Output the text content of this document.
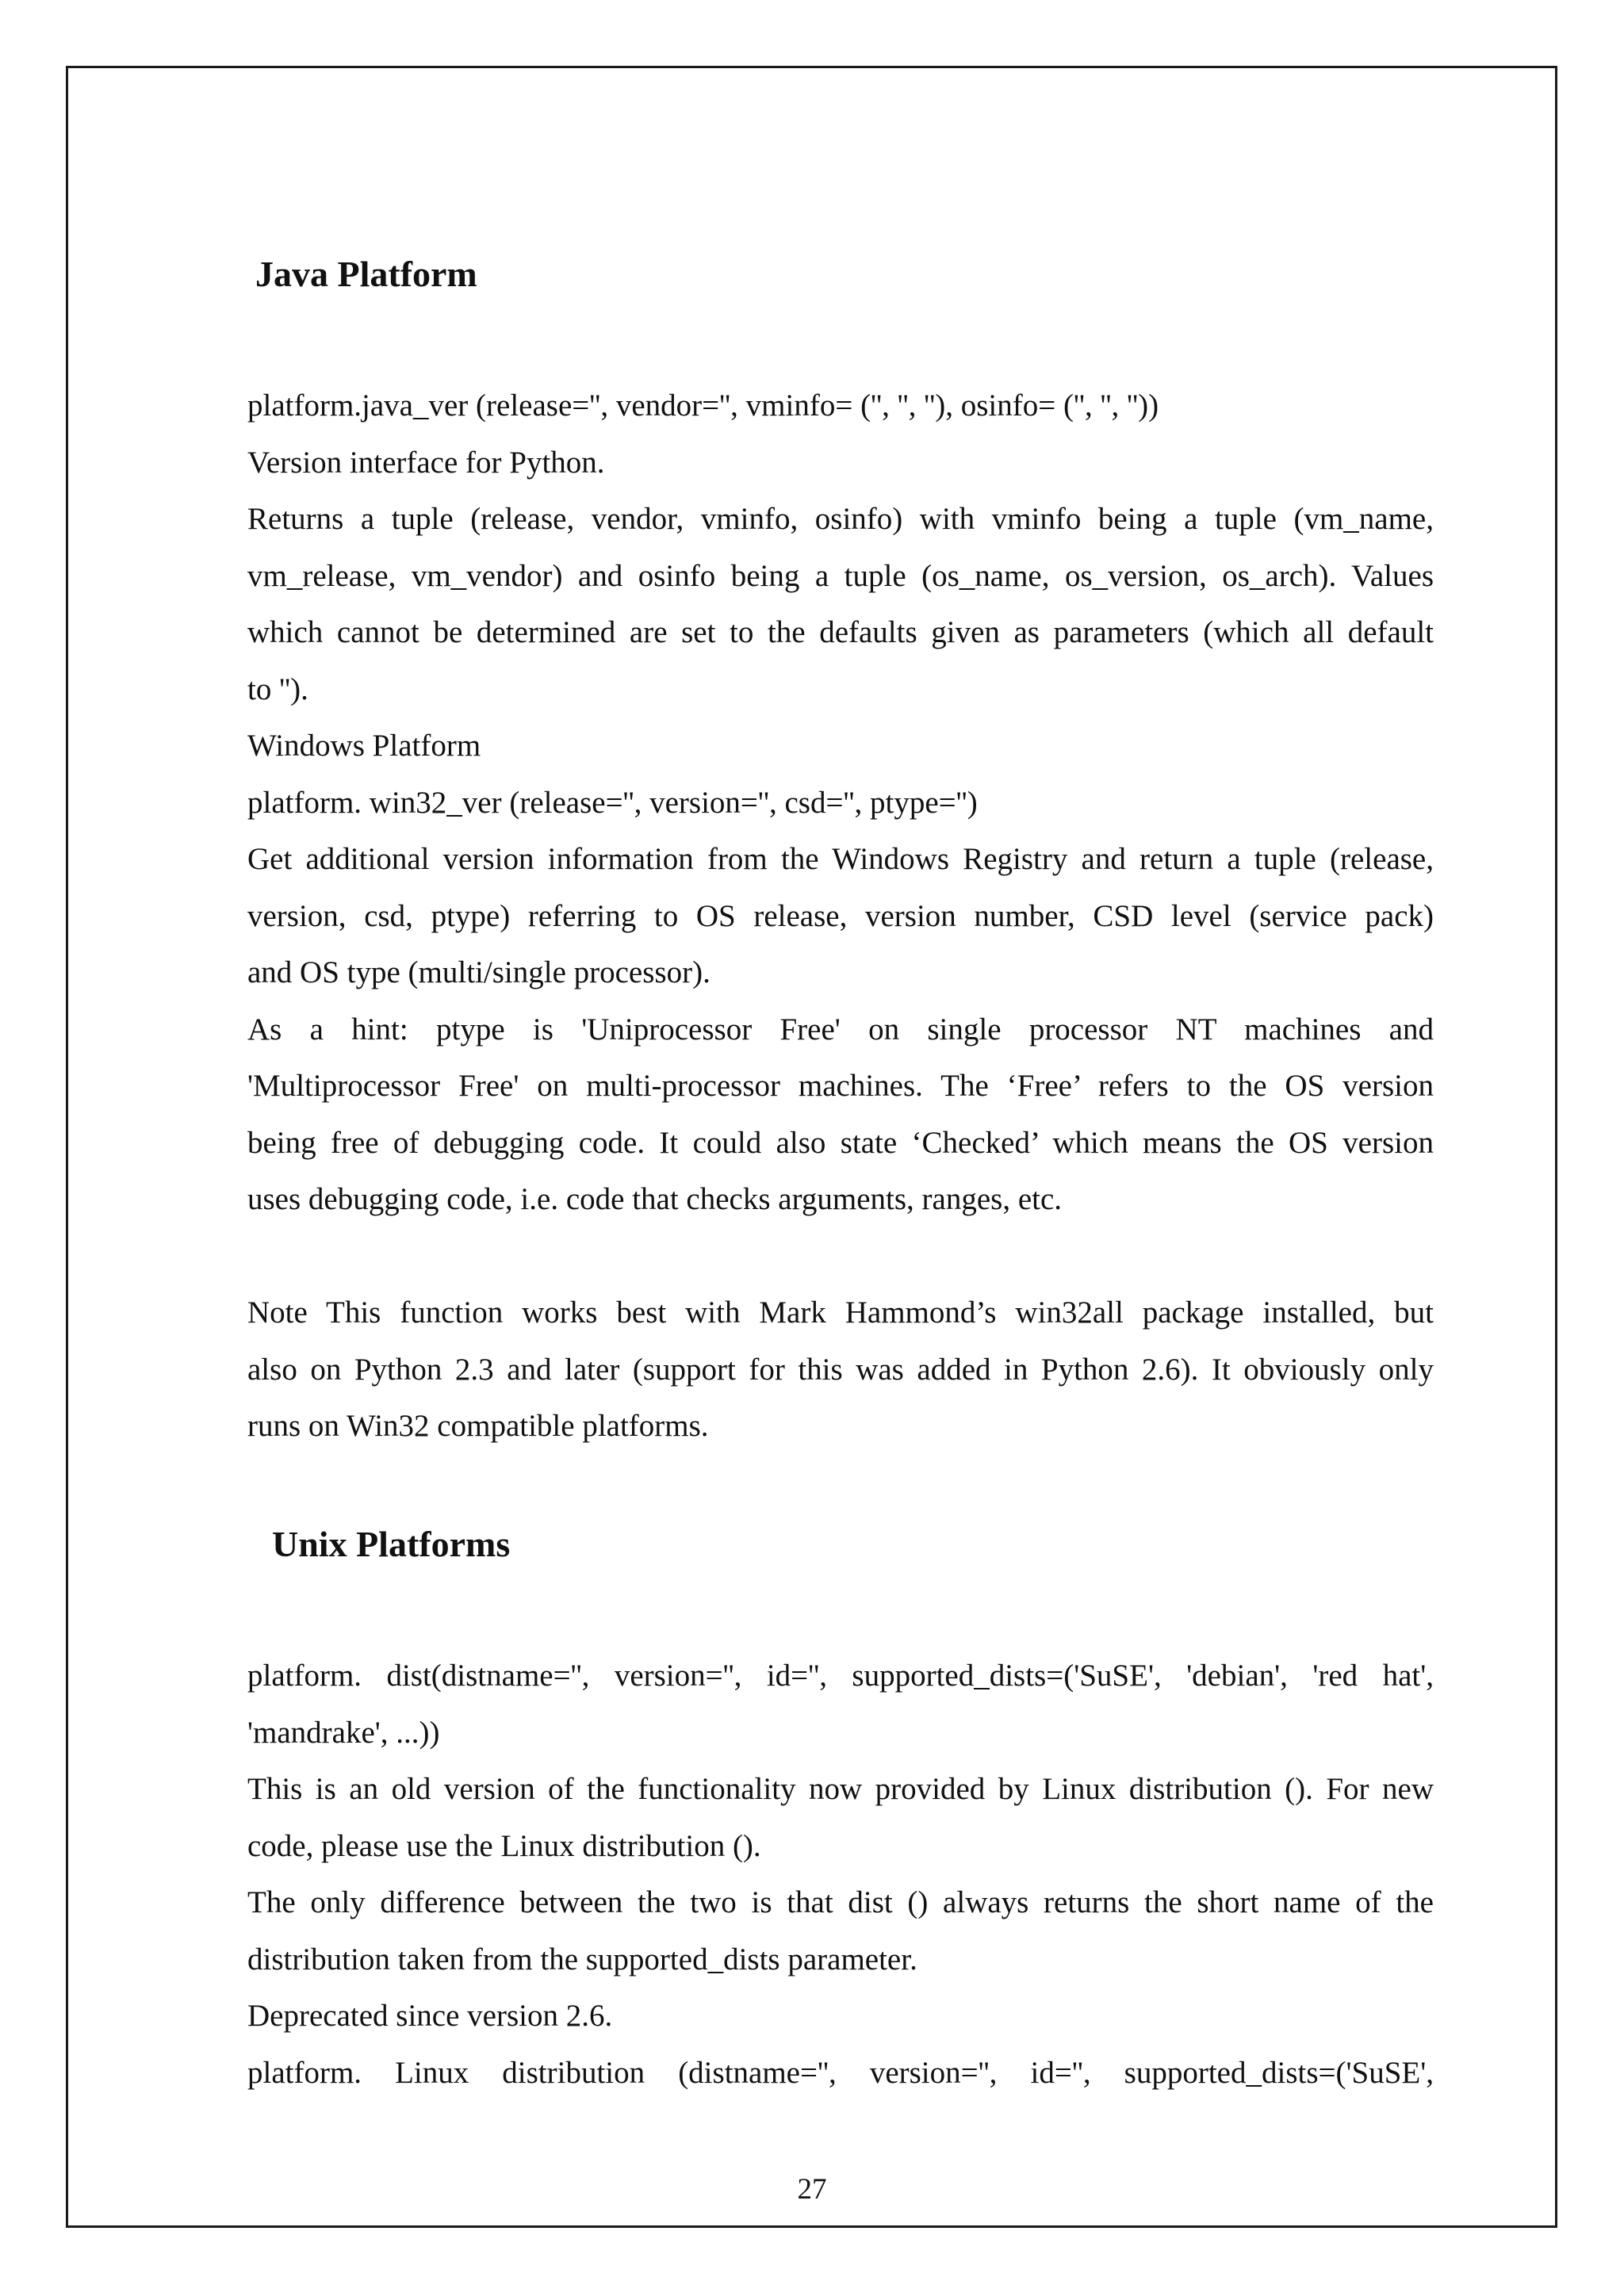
Java Platform
platform.java_ver (release='', vendor='', vminfo= ('', '', ''), osinfo= ('', '', ''))
Version interface for Python.
Returns a tuple (release, vendor, vminfo, osinfo) with vminfo being a tuple (vm_name,
vm_release, vm_vendor) and osinfo being a tuple (os_name, os_version, os_arch). Values
which cannot be determined are set to the defaults given as parameters (which all default
to '').
Windows Platform
platform. win32_ver (release='', version='', csd='', ptype='')
Get additional version information from the Windows Registry and return a tuple (release,
version, csd, ptype) referring to OS release, version number, CSD level (service pack)
and OS type (multi/single processor).
As a hint: ptype is 'Uniprocessor Free' on single processor NT machines and
'Multiprocessor Free' on multi-processor machines. The ‘Free’ refers to the OS version
being free of debugging code. It could also state ‘Checked’ which means the OS version
uses debugging code, i.e. code that checks arguments, ranges, etc.
Note This function works best with Mark Hammond’s win32all package installed, but
also on Python 2.3 and later (support for this was added in Python 2.6). It obviously only
runs on Win32 compatible platforms.
Unix Platforms
platform. dist(distname='', version='', id='', supported_dists=('SuSE', 'debian', 'red hat',
'mandrake', ...))
This is an old version of the functionality now provided by Linux distribution (). For new
code, please use the Linux distribution ().
The only difference between the two is that dist () always returns the short name of the
distribution taken from the supported_dists parameter.
Deprecated since version 2.6.
platform. Linux distribution (distname='', version='', id='', supported_dists=('SuSE',
27
